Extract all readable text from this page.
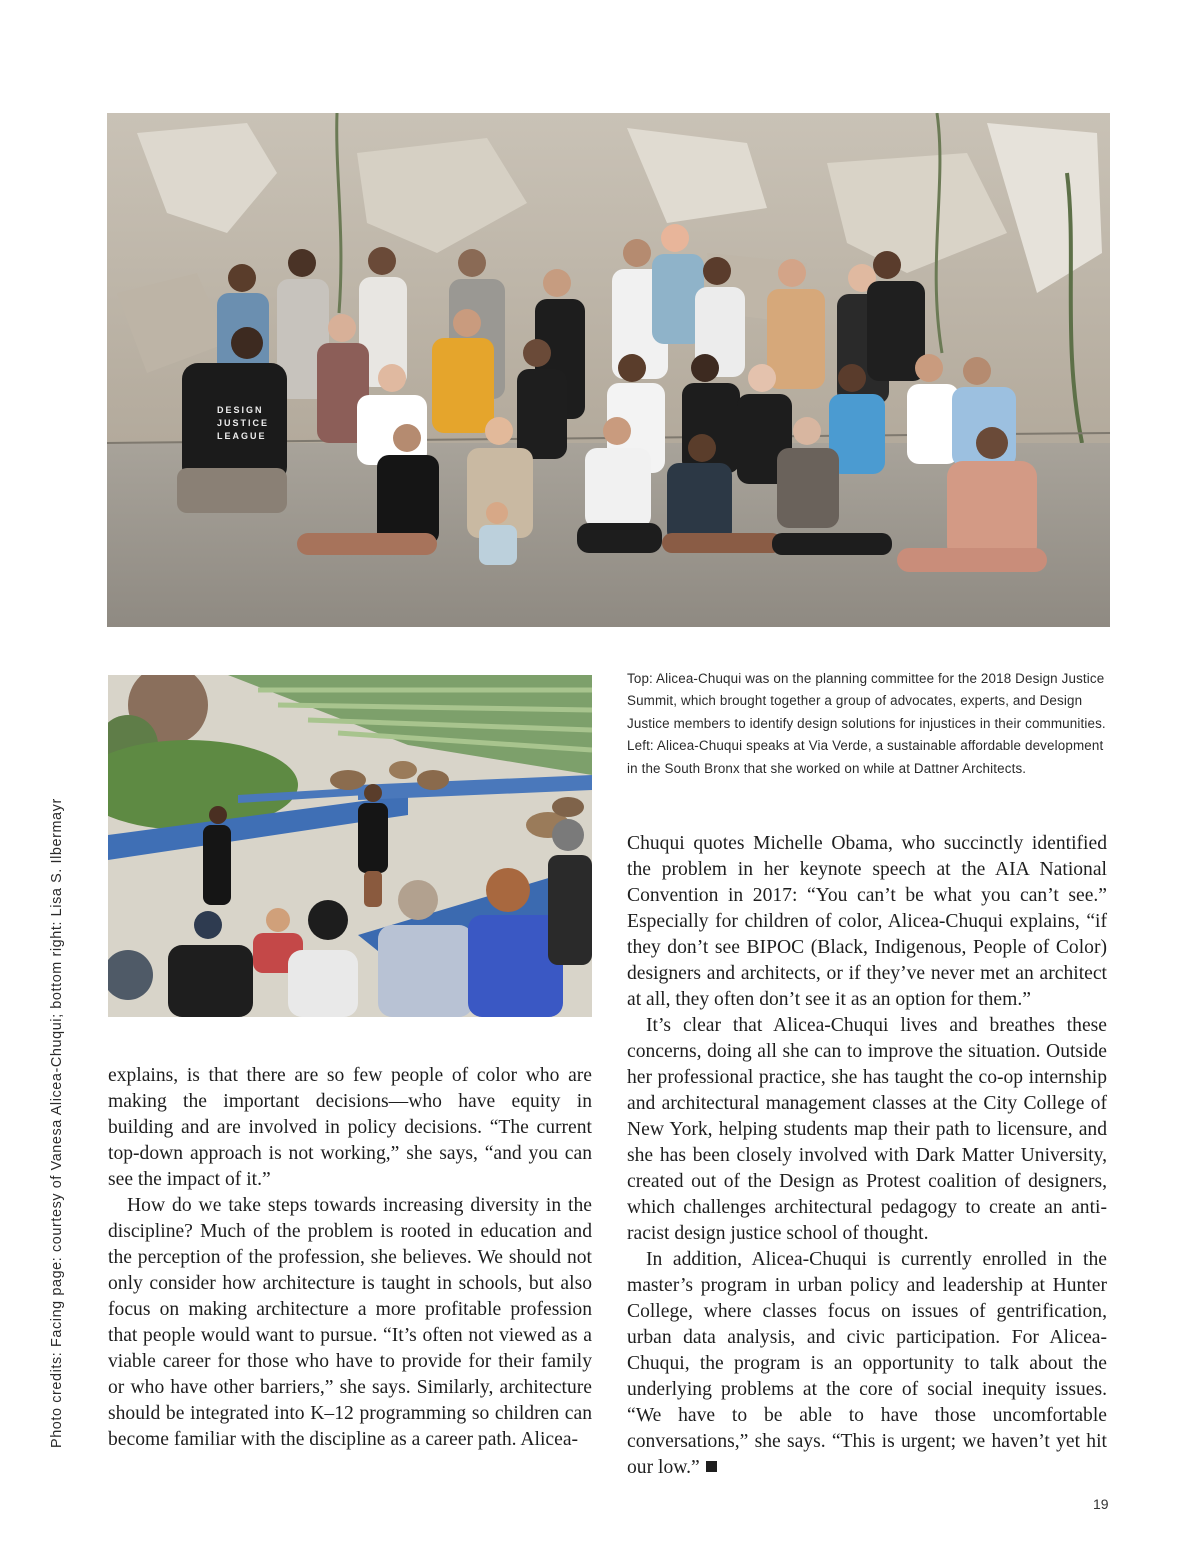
DESIGN
JUSTICE
LEAGUE
Top: Alicea-Chuqui was on the planning committee for the 2018 Design Justice Summit, which brought together a group of advocates, experts, and Design Justice members to identify design solutions for injustices in their communities. Left: Alicea-Chuqui speaks at Via Verde, a sustainable affordable development in the South Bronx that she worked on while at Dattner Architects.

explains, is that there are so few people of color who are making the important decisions—who have equity in building and are involved in policy decisions. “The current top-down approach is not working,” she says, “and you can see the impact of it.”

How do we take steps towards increasing diversity in the discipline? Much of the problem is rooted in education and the perception of the profession, she believes. We should not only consider how architecture is taught in schools, but also focus on making architecture a more profitable profession that people would want to pursue. “It’s often not viewed as a viable career for those who have to provide for their family or who have other barriers,” she says. Similarly, architecture should be integrated into K–12 programming so children can become familiar with the discipline as a career path. Alicea-

Chuqui quotes Michelle Obama, who succinctly identified the problem in her keynote speech at the AIA National Convention in 2017: “You can’t be what you can’t see.” Especially for children of color, Alicea-Chuqui explains, “if they don’t see BIPOC (Black, Indigenous, People of Color) designers and architects, or if they’ve never met an architect at all, they often don’t see it as an option for them.”

It’s clear that Alicea-Chuqui lives and breathes these concerns, doing all she can to improve the situation. Outside her professional practice, she has taught the co-op internship and architectural management classes at the City College of New York, helping students map their path to licensure, and she has been closely involved with Dark Matter University, created out of the Design as Protest coalition of designers, which challenges architectural pedagogy to create an anti-racist design justice school of thought.

In addition, Alicea-Chuqui is currently enrolled in the master’s program in urban policy and leadership at Hunter College, where classes focus on issues of gentrification, urban data analysis, and civic participation. For Alicea-Chuqui, the program is an opportunity to talk about the underlying problems at the core of social inequity issues. “We have to be able to have those uncomfortable conversations,” she says. “This is urgent; we haven’t yet hit our low.”

Photo credits: Facing page: courtesy of Vanesa Alicea-Chuqui; bottom right: Lisa S. Ilbermayr
19
